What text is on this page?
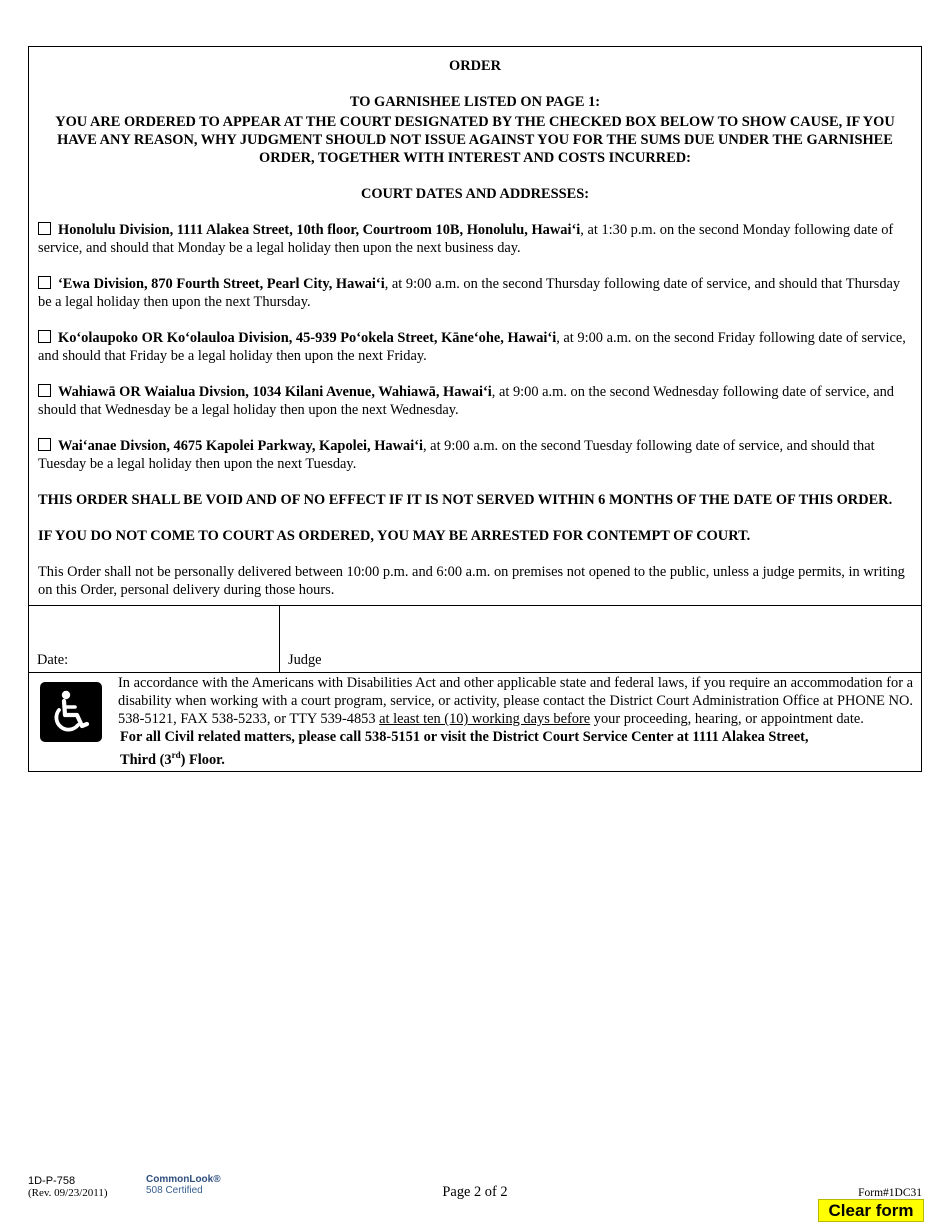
ORDER
TO GARNISHEE LISTED ON PAGE 1:
YOU ARE ORDERED TO APPEAR AT THE COURT DESIGNATED BY THE CHECKED BOX BELOW TO SHOW CAUSE, IF YOU HAVE ANY REASON, WHY JUDGMENT SHOULD NOT ISSUE AGAINST YOU FOR THE SUMS DUE UNDER THE GARNISHEE ORDER, TOGETHER WITH INTEREST AND COSTS INCURRED:
COURT DATES AND ADDRESSES:
Honolulu Division, 1111 Alakea Street, 10th floor, Courtroom 10B, Honolulu, Hawai‘i, at 1:30 p.m. on the second Monday following date of service, and should that Monday be a legal holiday then upon the next business day.
‘Ewa Division, 870 Fourth Street, Pearl City, Hawai‘i, at 9:00 a.m. on the second Thursday following date of service, and should that Thursday be a legal holiday then upon the next Thursday.
Ko‘olaupoko OR Ko‘olauloa Division, 45-939 Po‘okela Street, Kāne‘ohe, Hawai‘i, at 9:00 a.m. on the second Friday following date of service, and should that Friday be a legal holiday then upon the next Friday.
Wahiawā OR Waialua Divsion, 1034 Kilani Avenue, Wahiawā, Hawai‘i, at 9:00 a.m. on the second Wednesday following date of service, and should that Wednesday be a legal holiday then upon the next Wednesday.
Wai‘anae Divsion, 4675 Kapolei Parkway, Kapolei, Hawai‘i, at 9:00 a.m. on the second Tuesday following date of service, and should that Tuesday be a legal holiday then upon the next Tuesday.
THIS ORDER SHALL BE VOID AND OF NO EFFECT IF IT IS NOT SERVED WITHIN 6 MONTHS OF THE DATE OF THIS ORDER.
IF YOU DO NOT COME TO COURT AS ORDERED, YOU MAY BE ARRESTED FOR CONTEMPT OF COURT.
This Order shall not be personally delivered between 10:00 p.m. and 6:00 a.m. on premises not opened to the public, unless a judge permits, in writing on this Order, personal delivery during those hours.
Date:	Judge
In accordance with the Americans with Disabilities Act and other applicable state and federal laws, if you require an accommodation for a disability when working with a court program, service, or activity, please contact the District Court Administration Office at PHONE NO. 538-5121, FAX 538-5233, or TTY 539-4853 at least ten (10) working days before your proceeding, hearing, or appointment date.
For all Civil related matters, please call 538-5151 or visit the District Court Service Center at 1111 Alakea Street,
Third (3rd) Floor.
1D-P-758
(Rev. 09/23/2011)
CommonLook®
508 Certified	Page 2 of 2	Form#1DC31
Clear form
